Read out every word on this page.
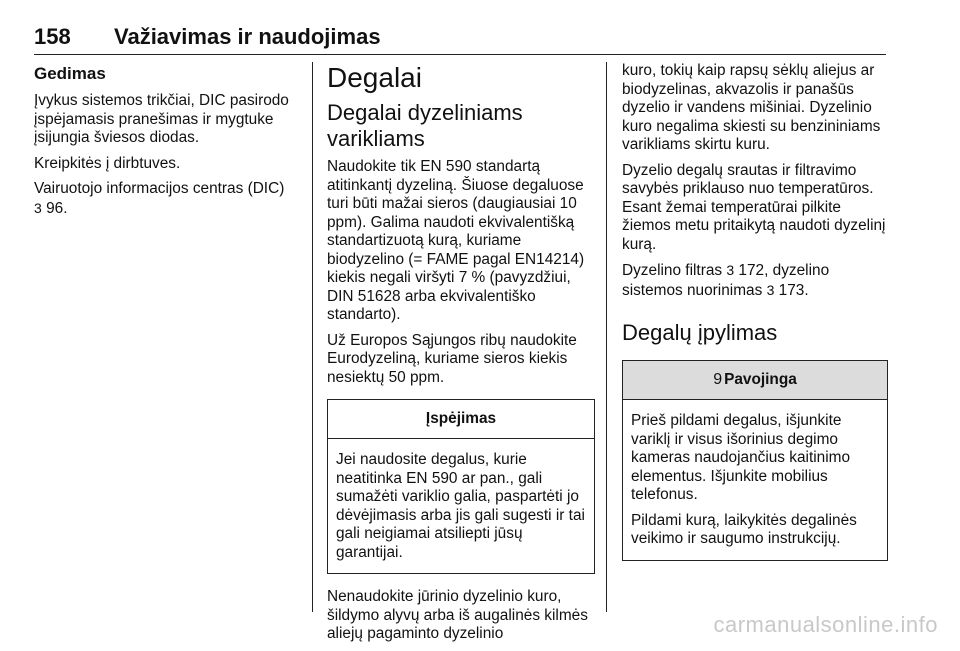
158 Važiavimas ir naudojimas
Gedimas

Įvykus sistemos trikčiai, DIC pasirodo įspėjamasis pranešimas ir mygtuke įsijungia šviesos diodas.

Kreipkitės į dirbtuves.

Vairuotojo informacijos centras (DIC)
3 96.

Degalai
Degalai dyzeliniams varikliams

Naudokite tik EN 590 standartą atitinkantį dyzeliną. Šiuose degaluose turi būti mažai sieros (daugiausiai 10 ppm). Galima naudoti ekvivalentišką standartizuotą kurą, kuriame biodyzelino (= FAME pagal EN14214) kiekis negali viršyti 7 % (pavyzdžiui, DIN 51628 arba ekvivalentiško standarto).

Už Europos Sąjungos ribų naudokite Eurodyzeliną, kuriame sieros kiekis nesiektų 50 ppm.

Įspėjimas

Jei naudosite degalus, kurie neatitinka EN 590 ar pan., gali sumažėti variklio galia, paspartėti jo dėvėjimasis arba jis gali sugesti ir tai gali neigiamai atsiliepti jūsų garantijai.

Nenaudokite jūrinio dyzelinio kuro, šildymo alyvų arba iš augalinės kilmės aliejų pagaminto dyzelinio

kuro, tokių kaip rapsų sėklų aliejus ar biodyzelinas, akvazolis ir panašūs dyzelio ir vandens mišiniai. Dyzelinio kuro negalima skiesti su benzininiams varikliams skirtu kuru.

Dyzelio degalų srautas ir filtravimo savybės priklauso nuo temperatūros. Esant žemai temperatūrai pilkite žiemos metu pritaikytą naudoti dyzelinį kurą.

Dyzelino filtras 3 172, dyzelino sistemos nuorinimas 3 173.

Degalų įpylimas
9 Pavojinga

Prieš pildami degalus, išjunkite variklį ir visus išorinius degimo kameras naudojančius kaitinimo elementus. Išjunkite mobilius telefonus.

Pildami kurą, laikykitės degalinės veikimo ir saugumo instrukcijų.

carmanualsonline.info
